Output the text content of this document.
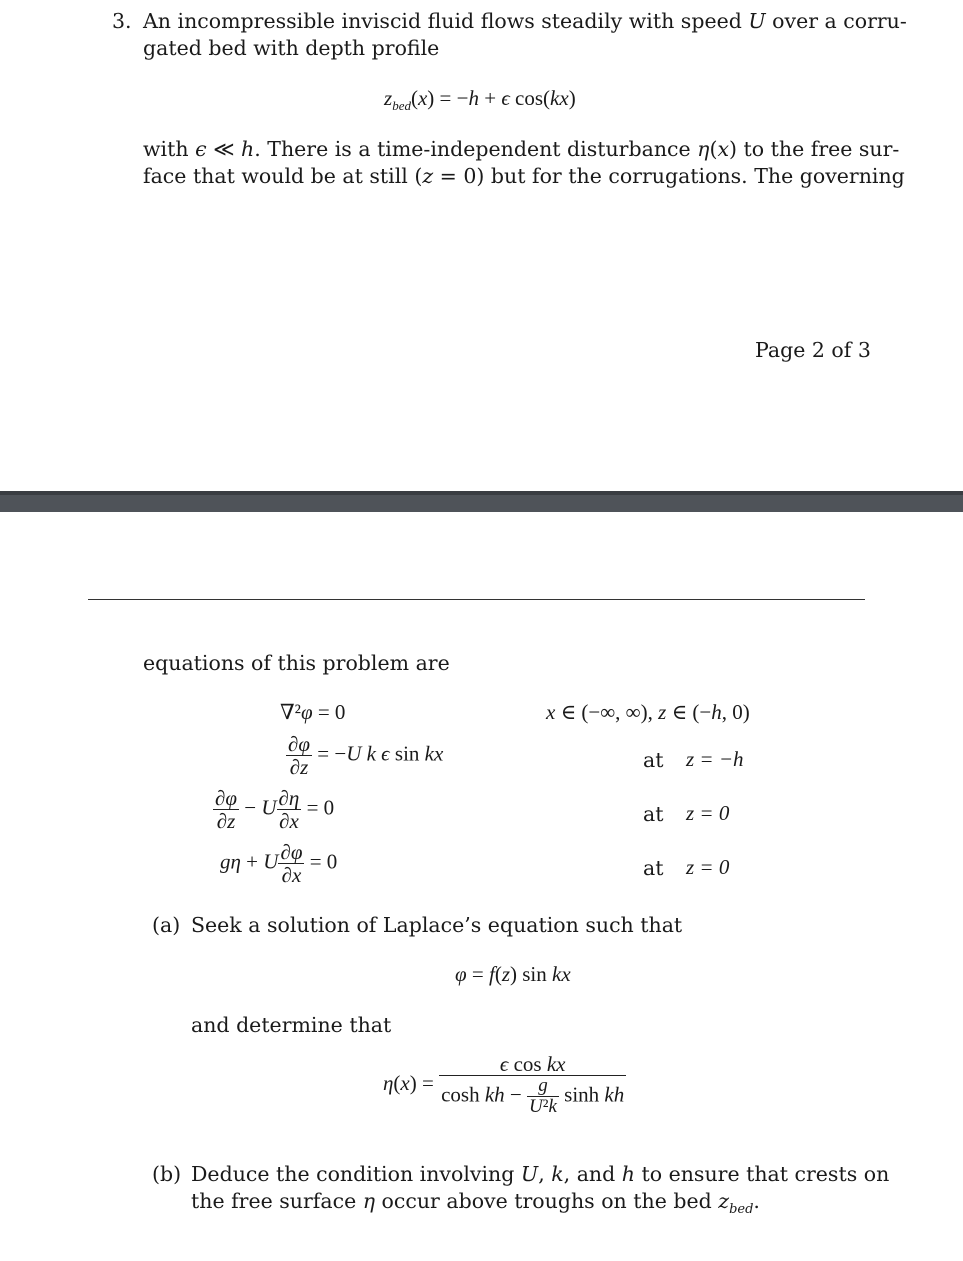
3. An incompressible inviscid fluid flows steadily with speed U over a corru-
gated bed with depth profile
$z_{bed}(x) = -h + \epsilon$ cos(kx)
with ϵ ≪ h. There is a time-independent disturbance η(x) to the free sur-
face that would be at still (z = 0) but for the corrugations. The governing
Page 2 of 3
equations of this problem are
∇²φ = 0	x ∈ (−∞, ∞), z ∈ (−h, 0)
$\frac{\partial\varphi}{\partial z} = -U$ k ϵ sin kx	at z = −h
$\frac{\partial\varphi}{\partial z} - U \frac{\partial\eta}{\partial x} = 0$	at z = 0
gη + U $\frac{\partial\varphi}{\partial x} = 0$	at z = 0
(a) Seek a solution of Laplace’s equation such that
φ = f(z) sin kx
and determine that
$\eta(x) = \frac{\text{ϵ cos kx}}{\cosh kh - \frac{g}{\text{U²k}} \sinh kh}$
(b) Deduce the condition involving U, k, and h to ensure that crests on
the free surface η occur above troughs on the bed $z_{bed}$.
